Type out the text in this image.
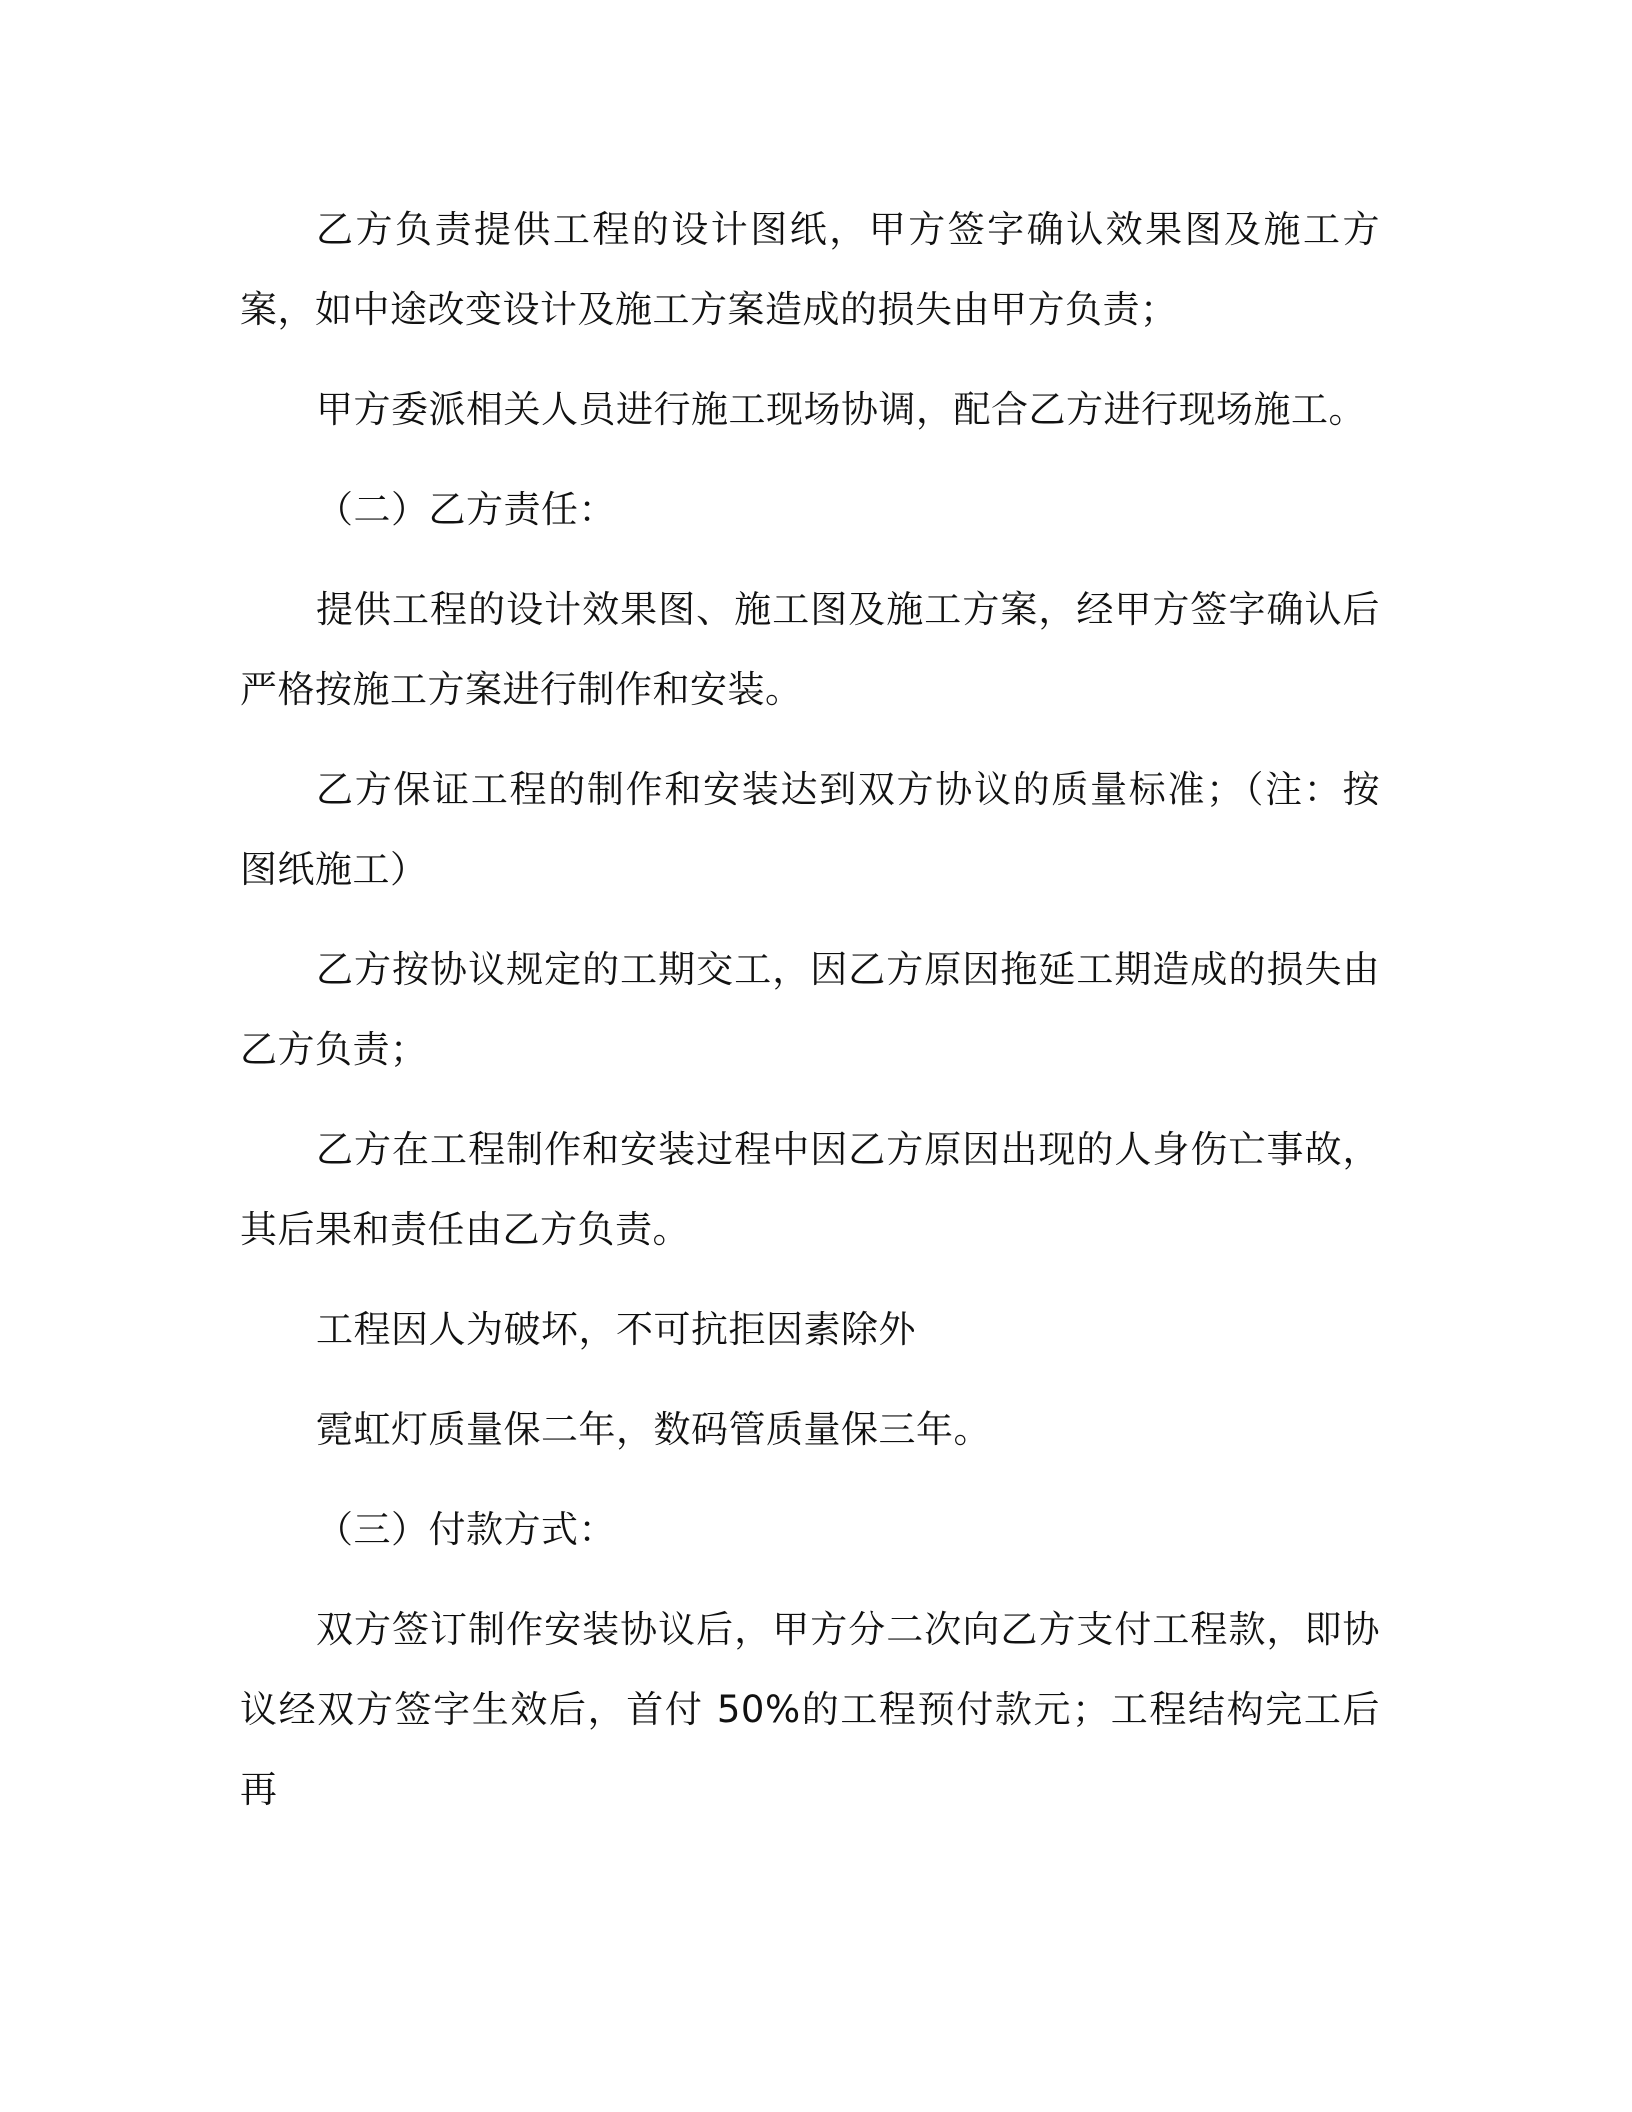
乙方负责提供工程的设计图纸，甲方签字确认效果图及施工方案，如中途改变设计及施工方案造成的损失由甲方负责；

甲方委派相关人员进行施工现场协调，配合乙方进行现场施工。

（二）乙方责任：

提供工程的设计效果图、施工图及施工方案，经甲方签字确认后严格按施工方案进行制作和安装。

乙方保证工程的制作和安装达到双方协议的质量标准；（注：按图纸施工）

乙方按协议规定的工期交工，因乙方原因拖延工期造成的损失由乙方负责；

乙方在工程制作和安装过程中因乙方原因出现的人身伤亡事故，其后果和责任由乙方负责。

工程因人为破坏，不可抗拒因素除外

霓虹灯质量保二年，数码管质量保三年。

（三）付款方式：

双方签订制作安装协议后，甲方分二次向乙方支付工程款，即协议经双方签字生效后，首付 50%的工程预付款元；工程结构完工后再
